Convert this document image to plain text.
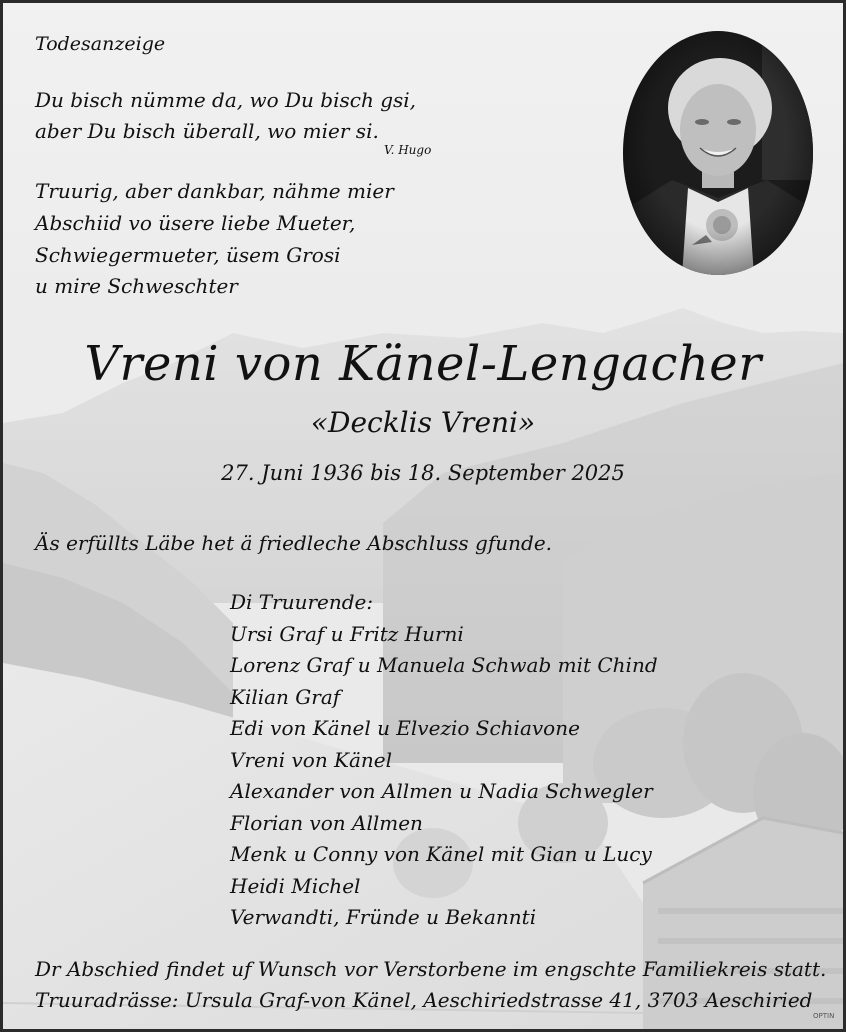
Todesanzeige
Du bisch nümme da, wo Du bisch gsi,
aber Du bisch überall, wo mier si.
V. Hugo
Truurig, aber dankbar, nähme mier
Abschiid vo üsere liebe Mueter,
Schwiegermueter, üsem Grosi
u mire Schweschter
Vreni von Känel-Lengacher
«Decklis Vreni»
27. Juni 1936 bis 18. September 2025
Äs erfüllts Läbe het ä friedleche Abschluss gfunde.
Di Truurende:
Ursi Graf u Fritz Hurni
Lorenz Graf u Manuela Schwab mit Chind
Kilian Graf
Edi von Känel u Elvezio Schiavone
Vreni von Känel
Alexander von Allmen u Nadia Schwegler
Florian von Allmen
Menk u Conny von Känel mit Gian u Lucy
Heidi Michel
Verwandti, Fründe u Bekannti
Dr Abschied findet uf Wunsch vor Verstorbene im engschte Familiekreis statt.
Truuradrässe: Ursula Graf-von Känel, Aeschiriedstrasse 41, 3703 Aeschiried
OPTIN
